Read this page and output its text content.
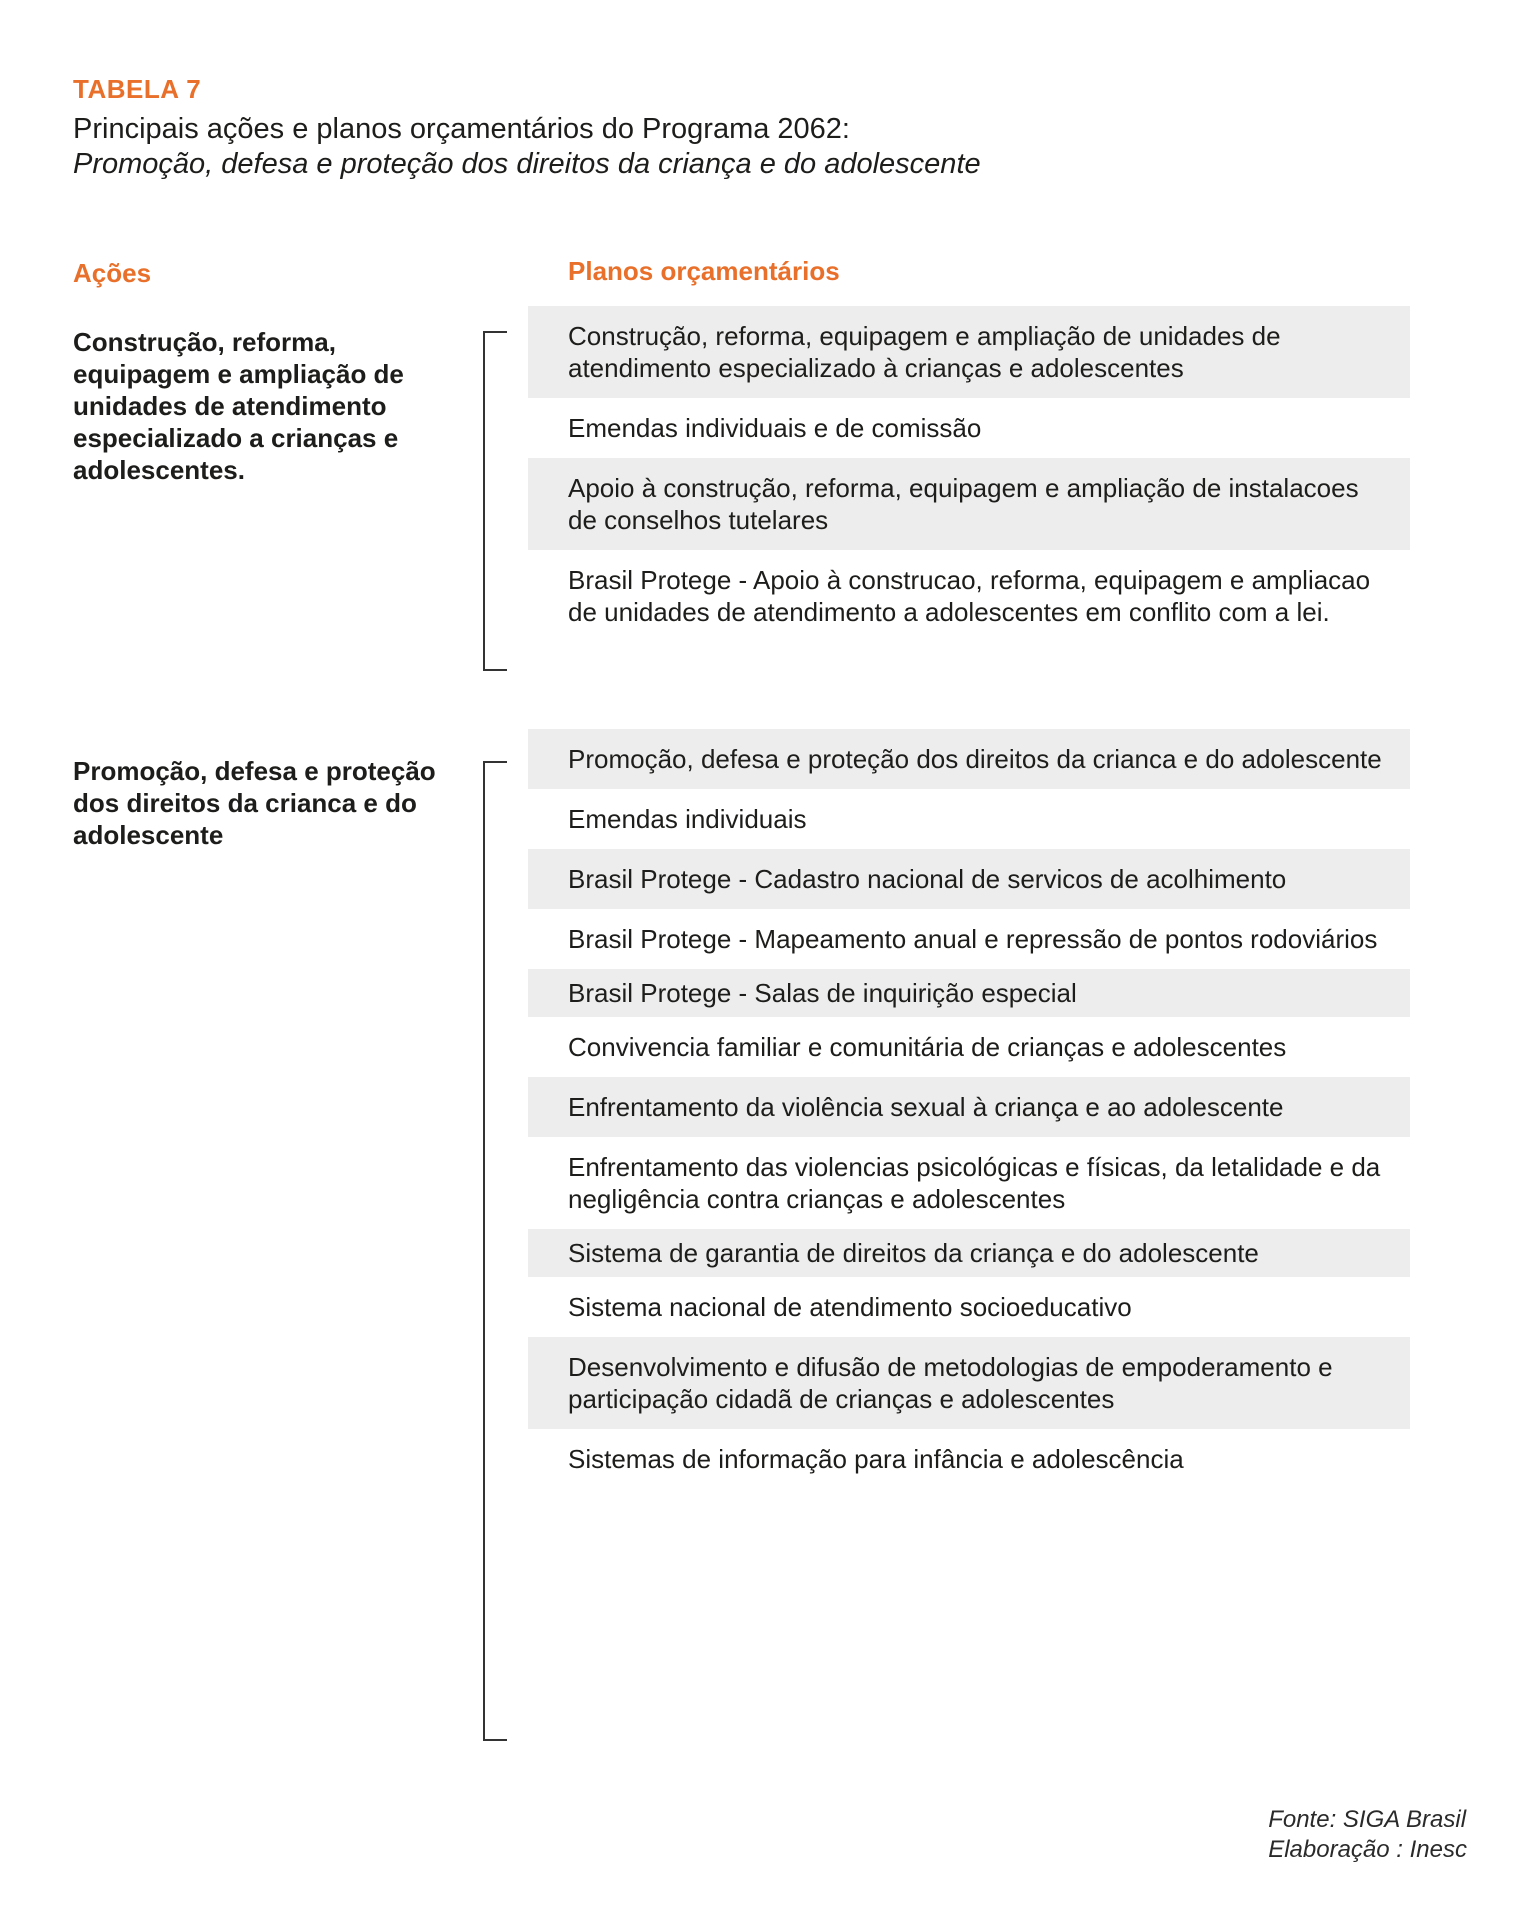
TABELA 7
Principais ações e planos orçamentários do Programa 2062:
Promoção, defesa e proteção dos direitos da criança e do adolescente
Ações	Planos orçamentários
Construção, reforma, equipagem e ampliação de unidades de atendimento especializado a crianças e adolescentes.
Construção, reforma, equipagem e ampliação de unidades de atendimento especializado à crianças e adolescentes
Emendas individuais e de comissão
Apoio à construção, reforma, equipagem e ampliação de instalacoes de conselhos tutelares
Brasil Protege - Apoio à construcao, reforma, equipagem e ampliacao de unidades de atendimento a adolescentes em conflito com a lei.
Promoção, defesa e proteção dos direitos da crianca e do adolescente
Promoção, defesa e proteção dos direitos da crianca e do adolescente
Emendas individuais
Brasil Protege - Cadastro nacional de servicos de acolhimento
Brasil Protege - Mapeamento anual e repressão de pontos rodoviários
Brasil Protege - Salas de inquirição especial
Convivencia familiar e comunitária de crianças e adolescentes
Enfrentamento da violência sexual à criança e ao adolescente
Enfrentamento das violencias psicológicas e físicas, da letalidade e da negligência contra crianças e adolescentes
Sistema de garantia de direitos da criança e do adolescente
Sistema nacional de atendimento socioeducativo
Desenvolvimento e difusão de metodologias de empoderamento e participação cidadã de crianças e adolescentes
Sistemas de informação para infância e adolescência
Fonte: SIGA Brasil
Elaboração : Inesc
